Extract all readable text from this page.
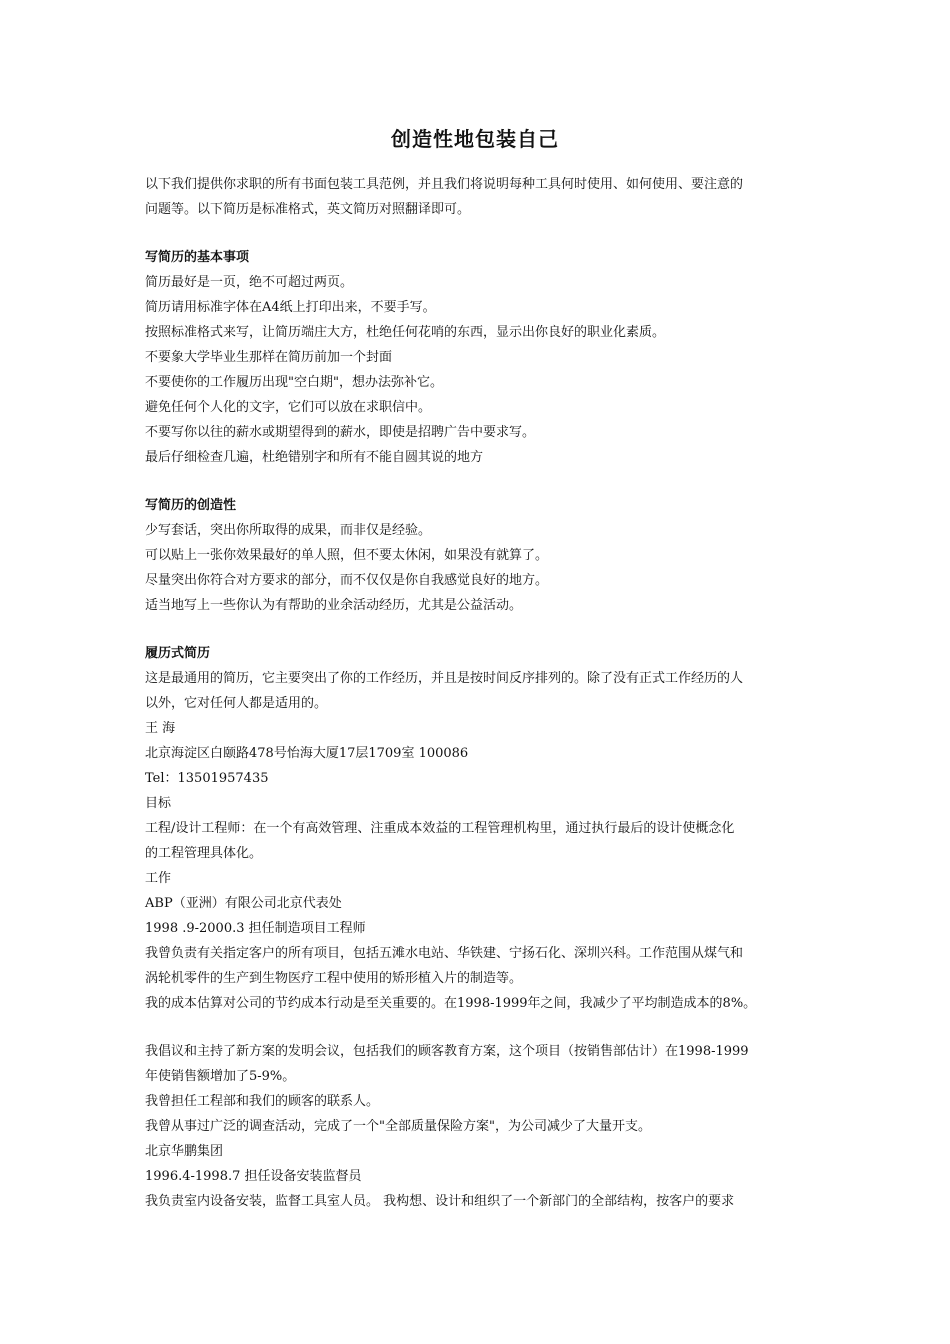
创造性地包装自己

以下我们提供你求职的所有书面包装工具范例，并且我们将说明每种工具何时使用、如何使用、要注意的

问题等。以下简历是标准格式，英文简历对照翻译即可。

写简历的基本事项

简历最好是一页，绝不可超过两页。

简历请用标准字体在A4纸上打印出来，不要手写。

按照标准格式来写，让简历端庄大方，杜绝任何花哨的东西，显示出你良好的职业化素质。

不要象大学毕业生那样在简历前加一个封面

不要使你的工作履历出现"空白期"，想办法弥补它。

避免任何个人化的文字，它们可以放在求职信中。

不要写你以往的薪水或期望得到的薪水，即使是招聘广告中要求写。

最后仔细检查几遍，杜绝错别字和所有不能自圆其说的地方

写简历的创造性

少写套话，突出你所取得的成果，而非仅是经验。

可以贴上一张你效果最好的单人照，但不要太休闲，如果没有就算了。

尽量突出你符合对方要求的部分，而不仅仅是你自我感觉良好的地方。

适当地写上一些你认为有帮助的业余活动经历，尤其是公益活动。

履历式简历

这是最通用的简历，它主要突出了你的工作经历，并且是按时间反序排列的。除了没有正式工作经历的人

以外，它对任何人都是适用的。

王 海

北京海淀区白颐路478号怡海大厦17层1709室 100086

Tel：13501957435

目标

工程/设计工程师：在一个有高效管理、注重成本效益的工程管理机构里，通过执行最后的设计使概念化

的工程管理具体化。

工作

ABP（亚洲）有限公司北京代表处

1998 .9-2000.3 担任制造项目工程师

我曾负责有关指定客户的所有项目，包括五滩水电站、华铁建、宁扬石化、深圳兴科。工作范围从煤气和

涡轮机零件的生产到生物医疗工程中使用的矫形植入片的制造等。

我的成本估算对公司的节约成本行动是至关重要的。在1998-1999年之间，我减少了平均制造成本的8%。

我倡议和主持了新方案的发明会议，包括我们的顾客教育方案，这个项目（按销售部估计）在1998-1999

年使销售额增加了5-9%。

我曾担任工程部和我们的顾客的联系人。

我曾从事过广泛的调查活动，完成了一个"全部质量保险方案"，为公司减少了大量开支。

北京华鹏集团

1996.4-1998.7 担任设备安装监督员

我负责室内设备安装，监督工具室人员。 我构想、设计和组织了一个新部门的全部结构，按客户的要求
